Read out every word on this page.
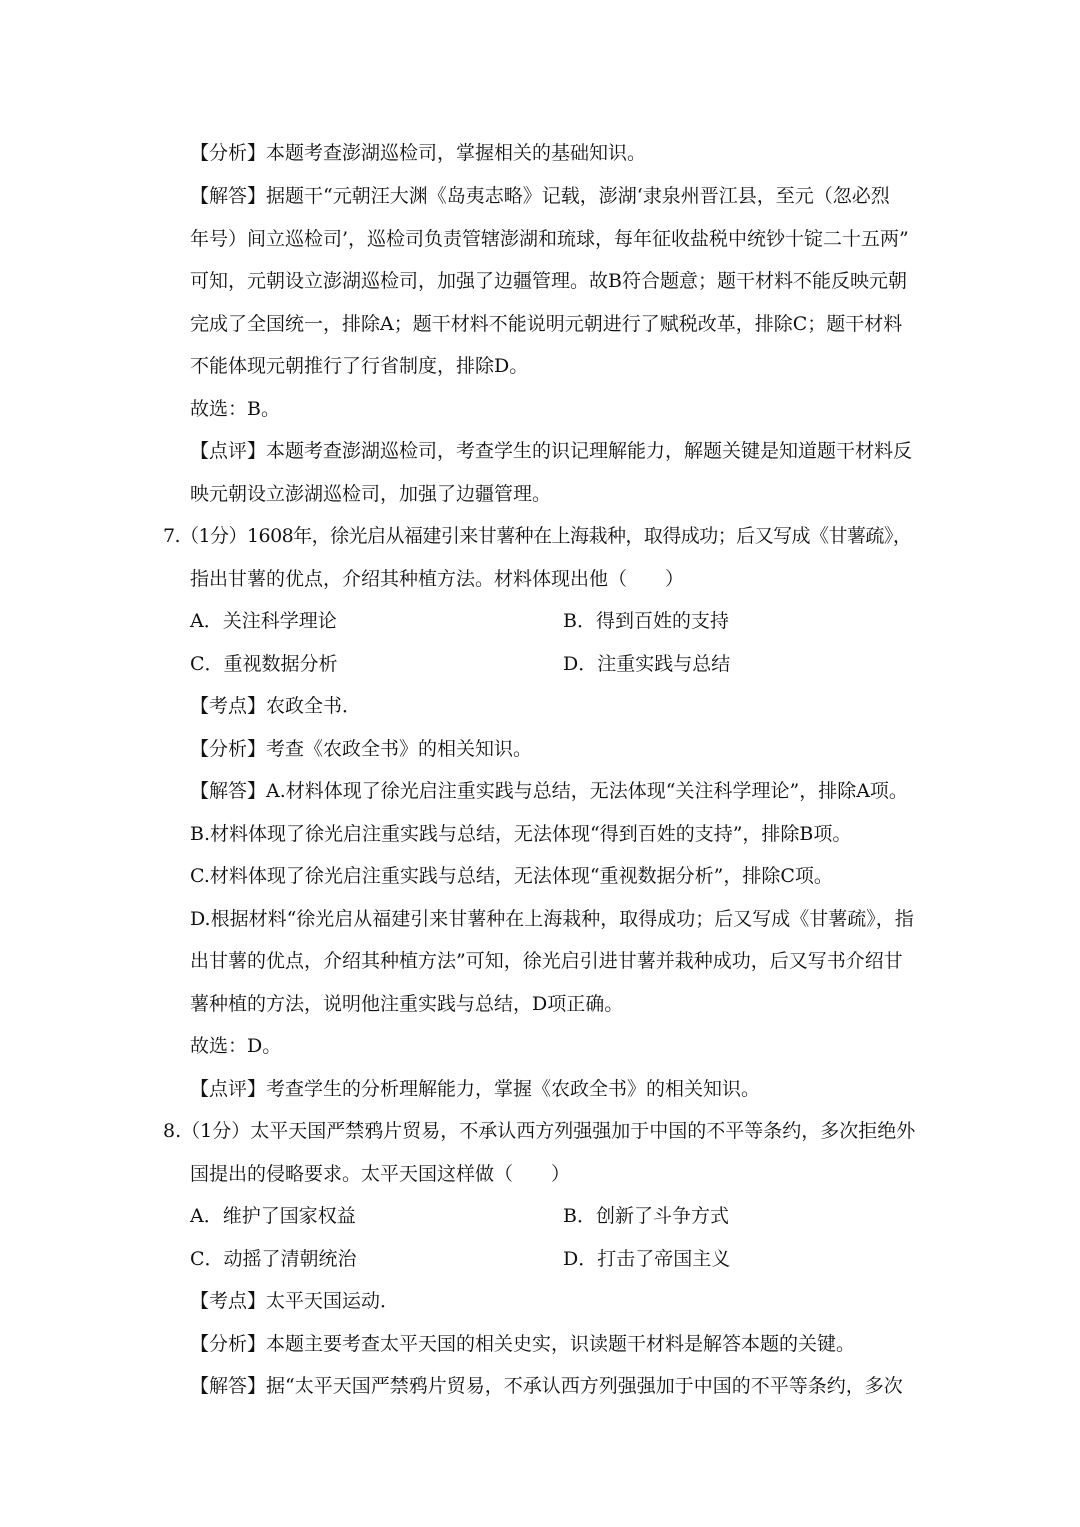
【分析】本题考查澎湖巡检司，掌握相关的基础知识。
【解答】据题干“元朝汪大渊《岛夷志略》记载，澎湖‘隶泉州晋江县，至元（忽必烈
年号）间立巡检司’，巡检司负责管辖澎湖和琉球，每年征收盐税中统钞十锭二十五两”
可知，元朝设立澎湖巡检司，加强了边疆管理。故B符合题意；题干材料不能反映元朝
完成了全国统一，排除A；题干材料不能说明元朝进行了赋税改革，排除C；题干材料
不能体现元朝推行了行省制度，排除D。
故选：B。
【点评】本题考查澎湖巡检司，考查学生的识记理解能力，解题关键是知道题干材料反
映元朝设立澎湖巡检司，加强了边疆管理。
7.（1分）1608年，徐光启从福建引来甘薯种在上海栽种，取得成功；后又写成《甘薯疏》，
指出甘薯的优点，介绍其种植方法。材料体现出他（　　）
A．关注科学理论	B．得到百姓的支持
C．重视数据分析	D．注重实践与总结
【考点】农政全书．
【分析】考查《农政全书》的相关知识。
【解答】A.材料体现了徐光启注重实践与总结，无法体现“关注科学理论”，排除A项。
B.材料体现了徐光启注重实践与总结，无法体现“得到百姓的支持”，排除B项。
C.材料体现了徐光启注重实践与总结，无法体现“重视数据分析”，排除C项。
D.根据材料“徐光启从福建引来甘薯种在上海栽种，取得成功；后又写成《甘薯疏》，指
出甘薯的优点，介绍其种植方法”可知，徐光启引进甘薯并栽种成功，后又写书介绍甘
薯种植的方法，说明他注重实践与总结，D项正确。
故选：D。
【点评】考查学生的分析理解能力，掌握《农政全书》的相关知识。
8.（1分）太平天国严禁鸦片贸易，不承认西方列强强加于中国的不平等条约，多次拒绝外
国提出的侵略要求。太平天国这样做（　　）
A．维护了国家权益	B．创新了斗争方式
C．动摇了清朝统治	D．打击了帝国主义
【考点】太平天国运动．
【分析】本题主要考查太平天国的相关史实，识读题干材料是解答本题的关键。
【解答】据“太平天国严禁鸦片贸易，不承认西方列强强加于中国的不平等条约，多次
